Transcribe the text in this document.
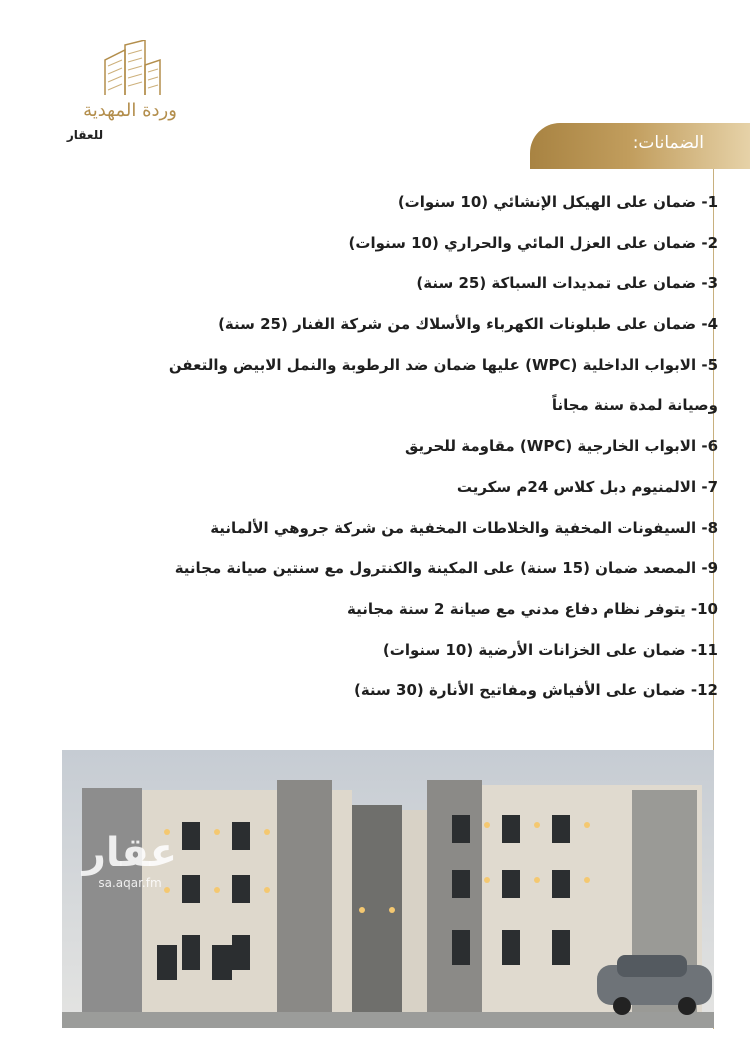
وردة المهدية
للعقار	الضمانات:
1- ضمان على الهيكل الإنشائي (10 سنوات)
2- ضمان على العزل المائي والحراري (10 سنوات)
3- ضمان على تمديدات السباكة (25 سنة)
4- ضمان على طبلونات الكهرباء والأسلاك من شركة الفنار (25 سنة)
5- الابواب الداخلية (WPC) عليها ضمان ضد الرطوبة والنمل الابيض والتعفن
وصيانة لمدة سنة مجاناً
6- الابواب الخارجية (WPC) مقاومة للحريق
7- الالمنيوم دبل كلاس 24م سكريت
8- السيفونات المخفية والخلاطات المخفية من شركة جروهي الألمانية
9- المصعد ضمان (15 سنة) على المكينة والكنترول مع سنتين صيانة مجانية
10- يتوفر نظام دفاع مدني مع صيانة 2 سنة مجانية
11- ضمان على الخزانات الأرضية (10 سنوات)
12- ضمان على الأفياش ومفاتيح الأنارة (30 سنة)
عقار
sa.aqar.fm
